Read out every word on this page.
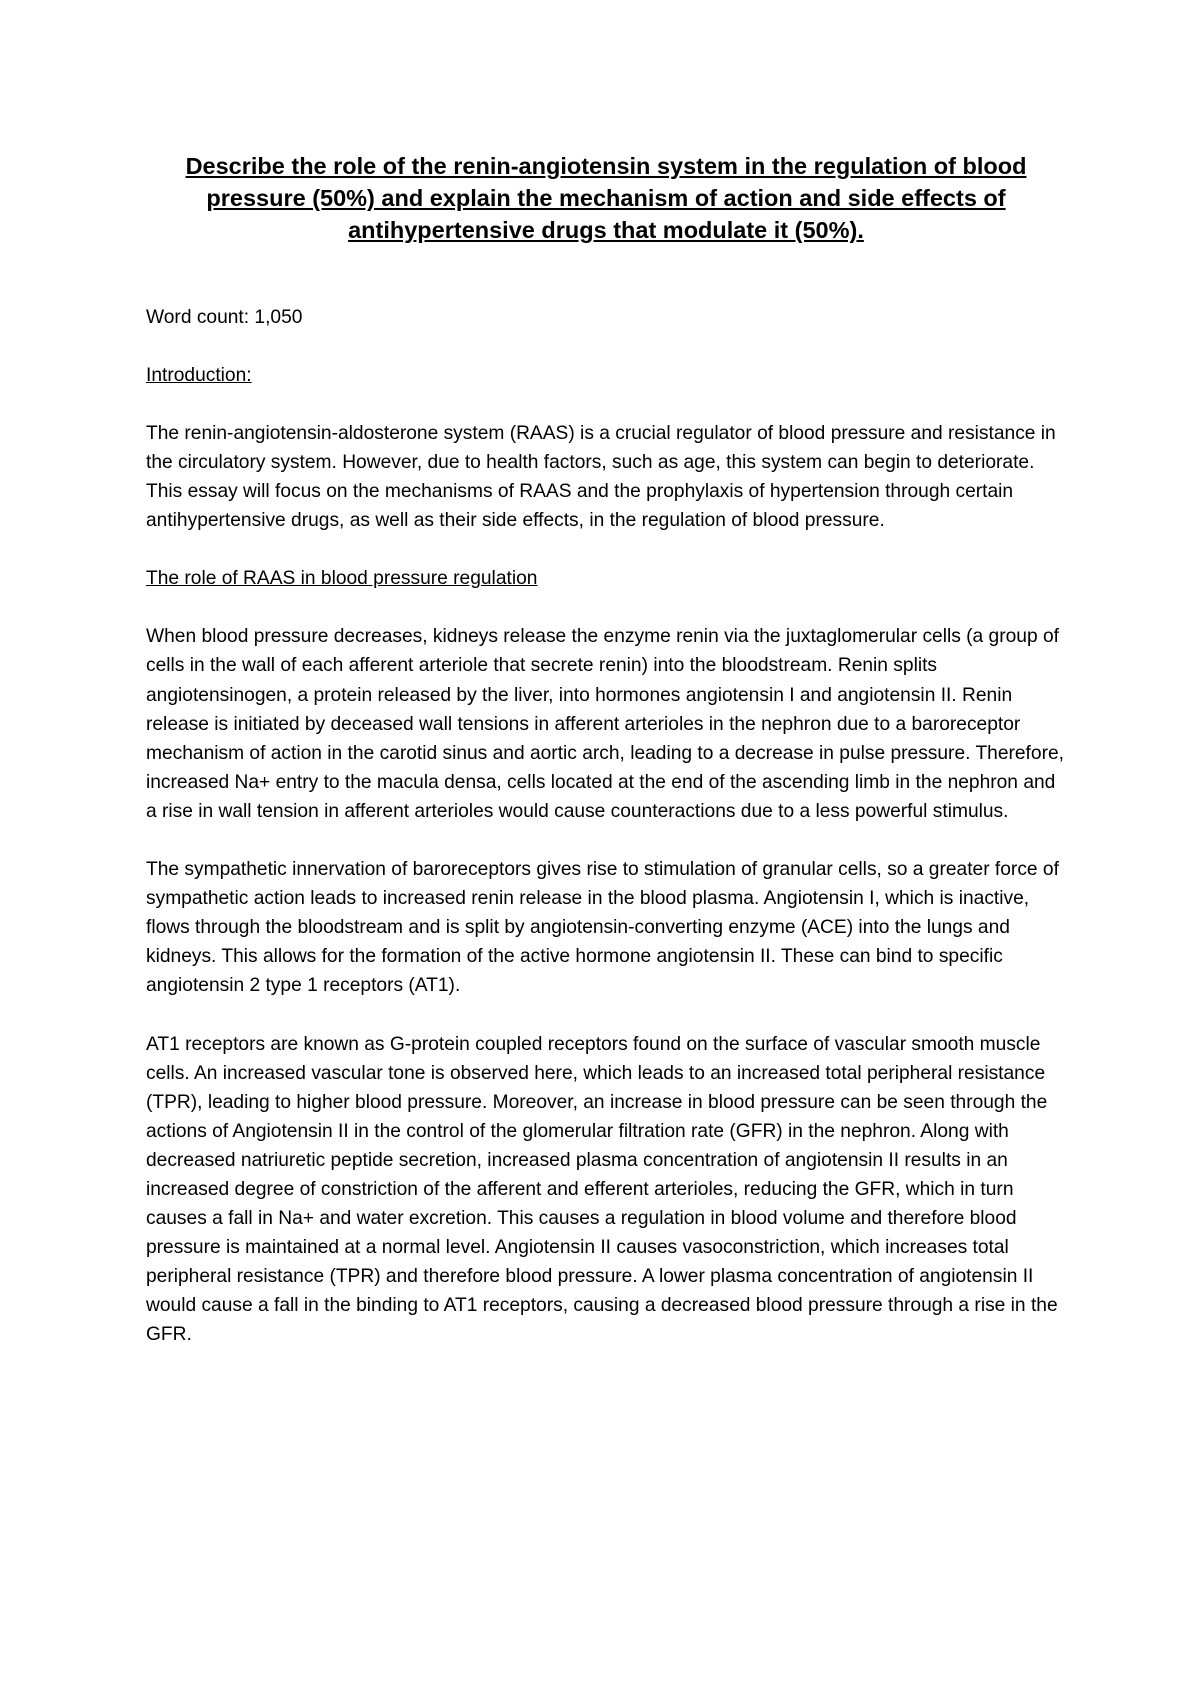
Describe the role of the renin-angiotensin system in the regulation of blood pressure (50%) and explain the mechanism of action and side effects of antihypertensive drugs that modulate it (50%).

Word count: 1,050

Introduction:

The renin-angiotensin-aldosterone system (RAAS) is a crucial regulator of blood pressure and resistance in the circulatory system. However, due to health factors, such as age, this system can begin to deteriorate. This essay will focus on the mechanisms of RAAS and the prophylaxis of hypertension through certain antihypertensive drugs, as well as their side effects, in the regulation of blood pressure.

The role of RAAS in blood pressure regulation

When blood pressure decreases, kidneys release the enzyme renin via the juxtaglomerular cells (a group of cells in the wall of each afferent arteriole that secrete renin) into the bloodstream. Renin splits angiotensinogen, a protein released by the liver, into hormones angiotensin I and angiotensin II. Renin release is initiated by deceased wall tensions in afferent arterioles in the nephron due to a baroreceptor mechanism of action in the carotid sinus and aortic arch, leading to a decrease in pulse pressure. Therefore, increased Na+ entry to the macula densa, cells located at the end of the ascending limb in the nephron and a rise in wall tension in afferent arterioles would cause counteractions due to a less powerful stimulus.

The sympathetic innervation of baroreceptors gives rise to stimulation of granular cells, so a greater force of sympathetic action leads to increased renin release in the blood plasma. Angiotensin I, which is inactive, flows through the bloodstream and is split by angiotensin-converting enzyme (ACE) into the lungs and kidneys. This allows for the formation of the active hormone angiotensin II. These can bind to specific angiotensin 2 type 1 receptors (AT1).

AT1 receptors are known as G-protein coupled receptors found on the surface of vascular smooth muscle cells. An increased vascular tone is observed here, which leads to an increased total peripheral resistance (TPR), leading to higher blood pressure. Moreover, an increase in blood pressure can be seen through the actions of Angiotensin II in the control of the glomerular filtration rate (GFR) in the nephron. Along with decreased natriuretic peptide secretion, increased plasma concentration of angiotensin II results in an increased degree of constriction of the afferent and efferent arterioles, reducing the GFR, which in turn causes a fall in Na+ and water excretion. This causes a regulation in blood volume and therefore blood pressure is maintained at a normal level. Angiotensin II causes vasoconstriction, which increases total peripheral resistance (TPR) and therefore blood pressure. A lower plasma concentration of angiotensin II would cause a fall in the binding to AT1 receptors, causing a decreased blood pressure through a rise in the GFR.
